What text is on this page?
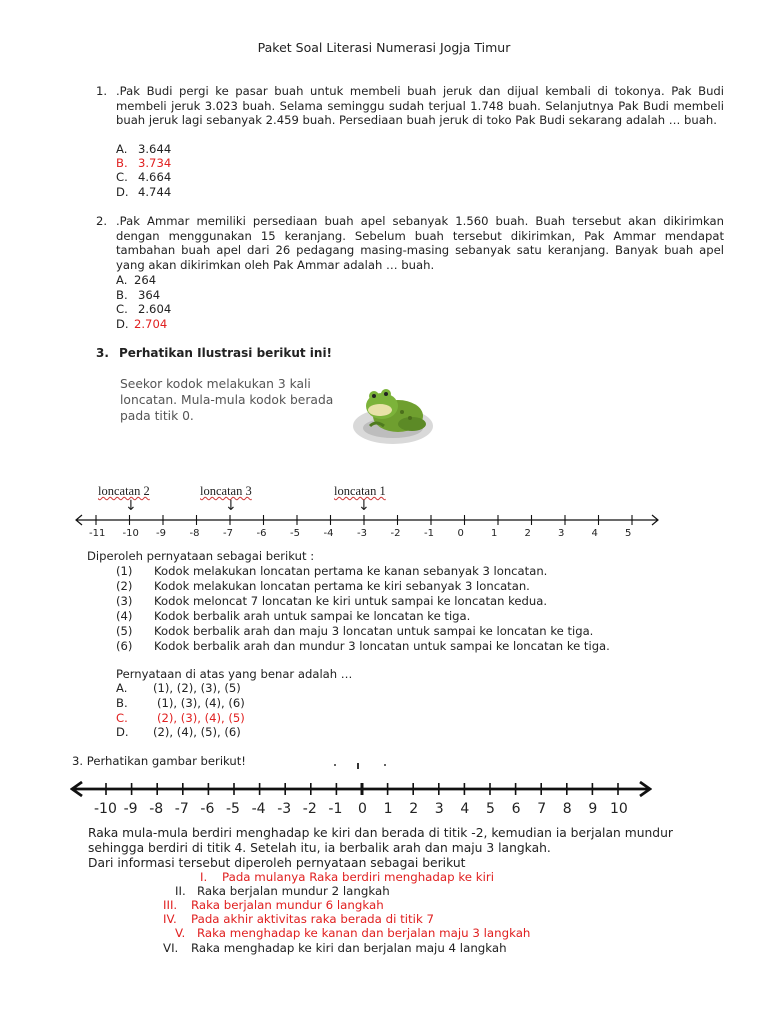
Paket Soal Literasi Numerasi Jogja Timur
1. .Pak Budi pergi ke pasar buah untuk membeli buah jeruk dan dijual kembali di tokonya. Pak Budi membeli jeruk 3.023 buah. Selama seminggu sudah terjual 1.748 buah. Selanjutnya Pak Budi membeli buah jeruk lagi sebanyak 2.459 buah. Persediaan buah jeruk di toko Pak Budi sekarang adalah … buah.
A. 3.644
B. 3.734
C. 4.664
D. 4.744
2. .Pak Ammar memiliki persediaan buah apel sebanyak 1.560 buah. Buah tersebut akan dikirimkan dengan menggunakan 15 keranjang. Sebelum buah tersebut dikirimkan, Pak Ammar mendapat tambahan buah apel dari 26 pedagang masing-masing sebanyak satu keranjang. Banyak buah apel yang akan dikirimkan oleh Pak Ammar adalah … buah.
A. 264
B. 364
C. 2.604
D. 2.704
3. Perhatikan Ilustrasi berikut ini!
Seekor kodok melakukan 3 kali loncatan. Mula-mula kodok berada pada titik 0.
loncatan 2	loncatan 3	loncatan 1
↓	↓	↓
-11 -10 -9 -8 -7 -6 -5 -4 -3 -2 -1 0	1	2	3	4	5
Diperoleh pernyataan sebagai berikut :
(1) Kodok melakukan loncatan pertama ke kanan sebanyak 3 loncatan.
(2) Kodok melakukan loncatan pertama ke kiri sebanyak 3 loncatan.
(3) Kodok meloncat 7 loncatan ke kiri untuk sampai ke loncatan kedua.
(4) Kodok berbalik arah untuk sampai ke loncatan ke tiga.
(5) Kodok berbalik arah dan maju 3 loncatan untuk sampai ke loncatan ke tiga.
(6) Kodok berbalik arah dan mundur 3 loncatan untuk sampai ke loncatan ke tiga.
Pernyataan di atas yang benar adalah …
A. (1), (2), (3), (5)
B.	(1), (3), (4), (6)
C.	(2), (3), (4), (5)
D. (2), (4), (5), (6)
3. Perhatikan gambar berikut!
-10 -9 -8 -7 -6 -5 -4 -3 -2 -1 0 1 2 3 4 5 6 7 8 9 10
Raka mula-mula berdiri menghadap ke kiri dan berada di titik -2, kemudian ia berjalan mundur sehingga berdiri di titik 4. Setelah itu, ia berbalik arah dan maju 3 langkah.
Dari informasi tersebut diperoleh pernyataan sebagai berikut
I. Pada mulanya Raka berdiri menghadap ke kiri
II. Raka berjalan mundur 2 langkah
III. Raka berjalan mundur 6 langkah
IV. Pada akhir aktivitas raka berada di titik 7
V. Raka menghadap ke kanan dan berjalan maju 3 langkah
VI. Raka menghadap ke kiri dan berjalan maju 4 langkah
